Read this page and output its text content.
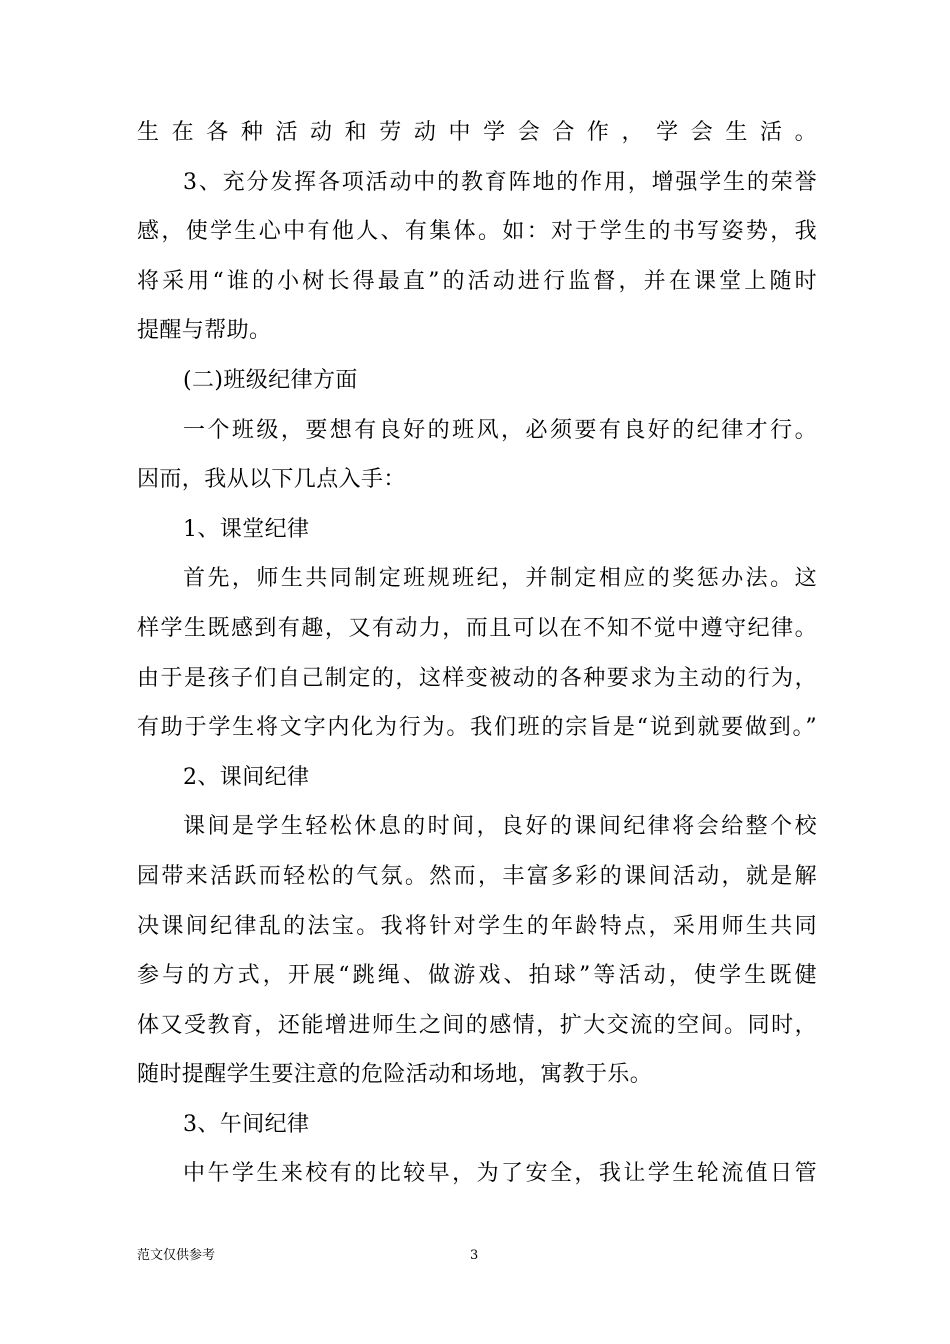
生在各种活动和劳动中学会合作，学会生活。
3、充分发挥各项活动中的教育阵地的作用，增强学生的荣誉
感，使学生心中有他人、有集体。如：对于学生的书写姿势，我
将采用“谁的小树长得最直”的活动进行监督，并在课堂上随时
提醒与帮助。
(二)班级纪律方面
一个班级，要想有良好的班风，必须要有良好的纪律才行。
因而，我从以下几点入手：
1、课堂纪律
首先，师生共同制定班规班纪，并制定相应的奖惩办法。这
样学生既感到有趣，又有动力，而且可以在不知不觉中遵守纪律。
由于是孩子们自己制定的，这样变被动的各种要求为主动的行为，
有助于学生将文字内化为行为。我们班的宗旨是“说到就要做到。”
2、课间纪律
课间是学生轻松休息的时间，良好的课间纪律将会给整个校
园带来活跃而轻松的气氛。然而，丰富多彩的课间活动，就是解
决课间纪律乱的法宝。我将针对学生的年龄特点，采用师生共同
参与的方式，开展“跳绳、做游戏、拍球”等活动，使学生既健
体又受教育，还能增进师生之间的感情，扩大交流的空间。同时，
随时提醒学生要注意的危险活动和场地，寓教于乐。
3、午间纪律
中午学生来校有的比较早，为了安全，我让学生轮流值日管
范文仅供参考	3
